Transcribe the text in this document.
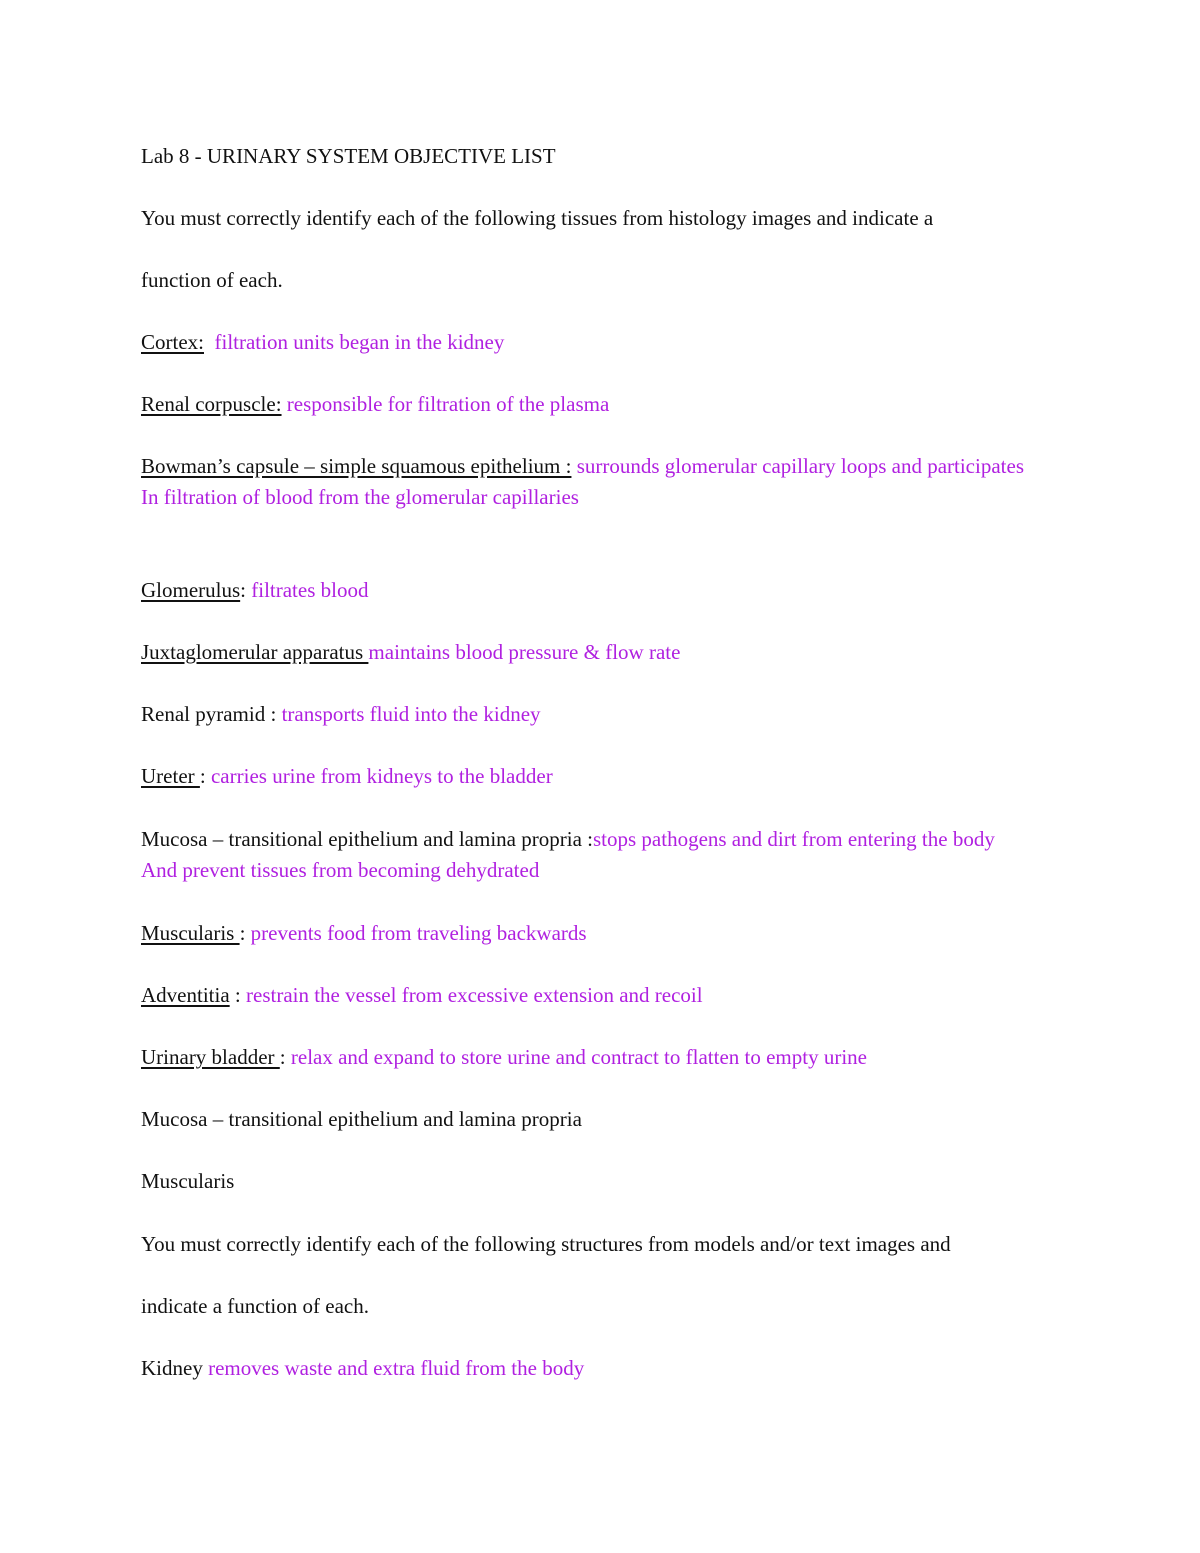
Lab 8 - URINARY SYSTEM OBJECTIVE LIST
You must correctly identify each of the following tissues from histology images and indicate a
function of each.
Cortex: filtration units began in the kidney
Renal corpuscle: responsible for filtration of the plasma
Bowman’s capsule – simple squamous epithelium : surrounds glomerular capillary loops and participates
In filtration of blood from the glomerular capillaries
Glomerulus: filtrates blood
Juxtaglomerular apparatus maintains blood pressure & flow rate
Renal pyramid : transports fluid into the kidney
Ureter : carries urine from kidneys to the bladder
Mucosa – transitional epithelium and lamina propria :stops pathogens and dirt from entering the body
And prevent tissues from becoming dehydrated
Muscularis : prevents food from traveling backwards
Adventitia : restrain the vessel from excessive extension and recoil
Urinary bladder : relax and expand to store urine and contract to flatten to empty urine
Mucosa – transitional epithelium and lamina propria
Muscularis
You must correctly identify each of the following structures from models and/or text images and
indicate a function of each.
Kidney removes waste and extra fluid from the body
